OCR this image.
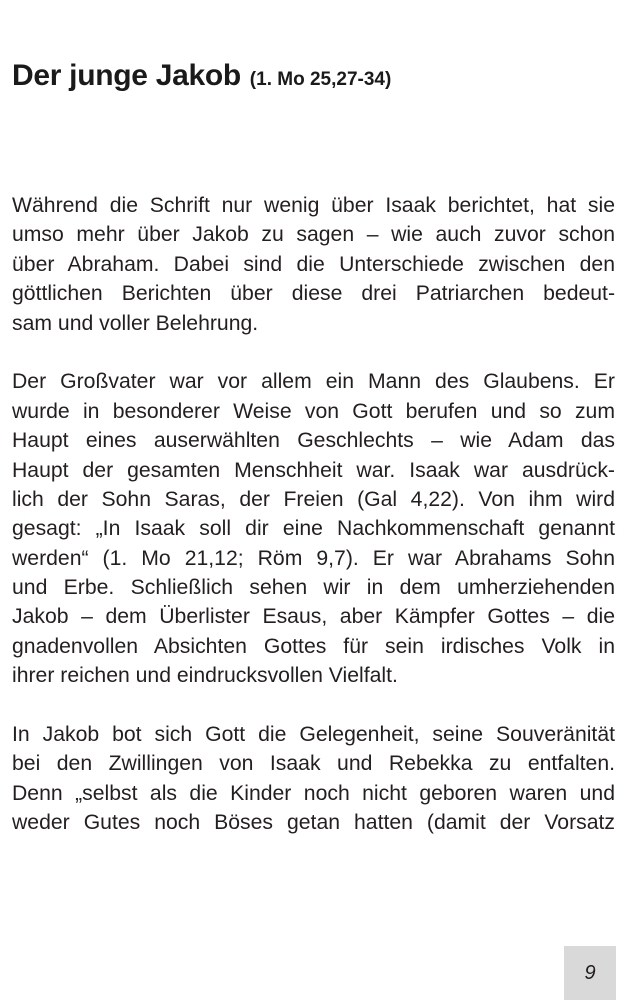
Der junge Jakob (1. Mo 25,27-34)

Während die Schrift nur wenig über Isaak berichtet, hat sie
umso mehr über Jakob zu sagen – wie auch zuvor schon
über Abraham. Dabei sind die Unterschiede zwischen den
göttlichen Berichten über diese drei Patriarchen bedeut-
sam und voller Belehrung.

Der Großvater war vor allem ein Mann des Glaubens. Er
wurde in besonderer Weise von Gott berufen und so zum
Haupt eines auserwählten Geschlechts – wie Adam das
Haupt der gesamten Menschheit war. Isaak war ausdrück-
lich der Sohn Saras, der Freien (Gal 4,22). Von ihm wird
gesagt: „In Isaak soll dir eine Nachkommenschaft genannt
werden“ (1. Mo 21,12; Röm 9,7). Er war Abrahams Sohn
und Erbe. Schließlich sehen wir in dem umherziehenden
Jakob – dem Überlister Esaus, aber Kämpfer Gottes – die
gnadenvollen Absichten Gottes für sein irdisches Volk in
ihrer reichen und eindrucksvollen Vielfalt.

In Jakob bot sich Gott die Gelegenheit, seine Souveränität
bei den Zwillingen von Isaak und Rebekka zu entfalten.
Denn „selbst als die Kinder noch nicht geboren waren und
weder Gutes noch Böses getan hatten (damit der Vorsatz

9
